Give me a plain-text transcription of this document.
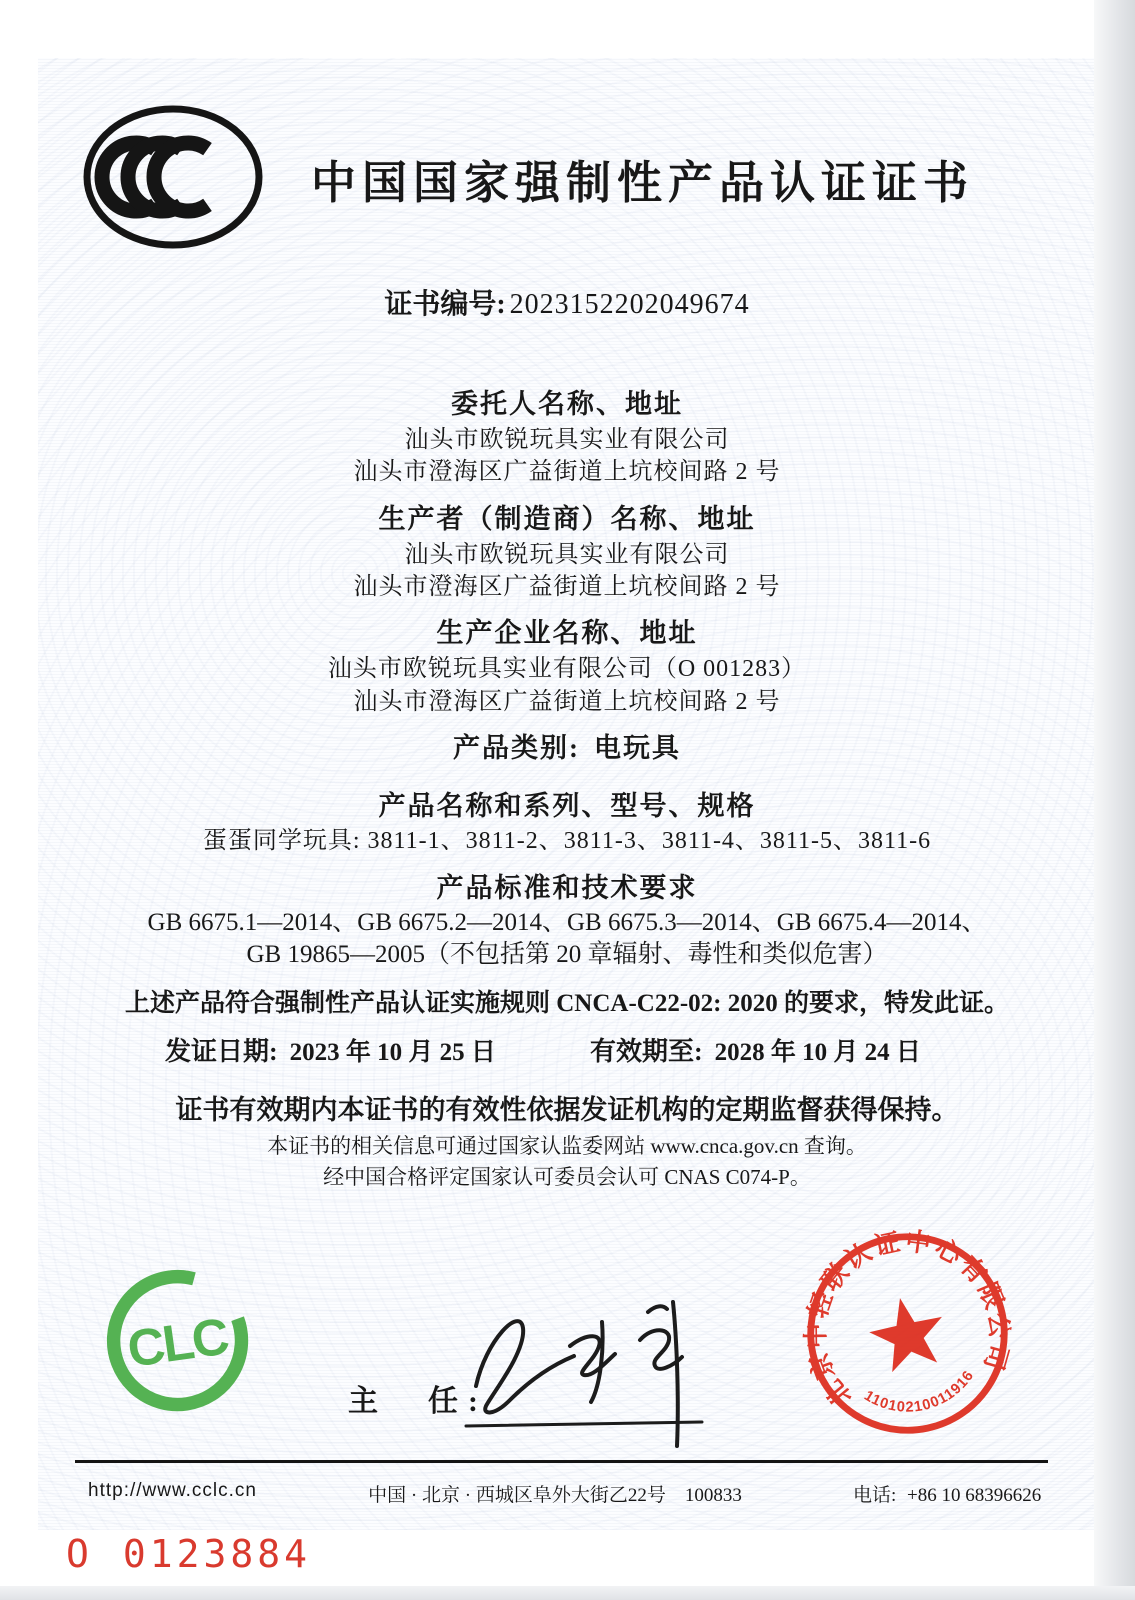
中国国家强制性产品认证证书
证书编号: 2023152202049674
委托人名称、地址
汕头市欧锐玩具实业有限公司
汕头市澄海区广益街道上坑校间路 2 号
生产者（制造商）名称、地址
汕头市欧锐玩具实业有限公司
汕头市澄海区广益街道上坑校间路 2 号
生产企业名称、地址
汕头市欧锐玩具实业有限公司（O 001283）
汕头市澄海区广益街道上坑校间路 2 号
产品类别: 电玩具
产品名称和系列、型号、规格
蛋蛋同学玩具: 3811-1、3811-2、3811-3、3811-4、3811-5、3811-6
产品标准和技术要求
GB 6675.1—2014、GB 6675.2—2014、GB 6675.3—2014、GB 6675.4—2014、
GB 19865—2005（不包括第 20 章辐射、毒性和类似危害）
上述产品符合强制性产品认证实施规则 CNCA-C22-02: 2020 的要求，特发此证。
发证日期: 2023 年 10 月 25 日	有效期至: 2028 年 10 月 24 日
证书有效期内本证书的有效性依据发证机构的定期监督获得保持。
本证书的相关信息可通过国家认监委网站 www.cnca.gov.cn 查询。
经中国合格评定国家认可委员会认可 CNAS C074-P。
CLC
主　任:	北京中轻联认证中心有限公司
11010210011916
http://www.cclc.cn	中国 · 北京 · 西城区阜外大街乙22号　100833	电话: +86 10 68396626
O 0123884
